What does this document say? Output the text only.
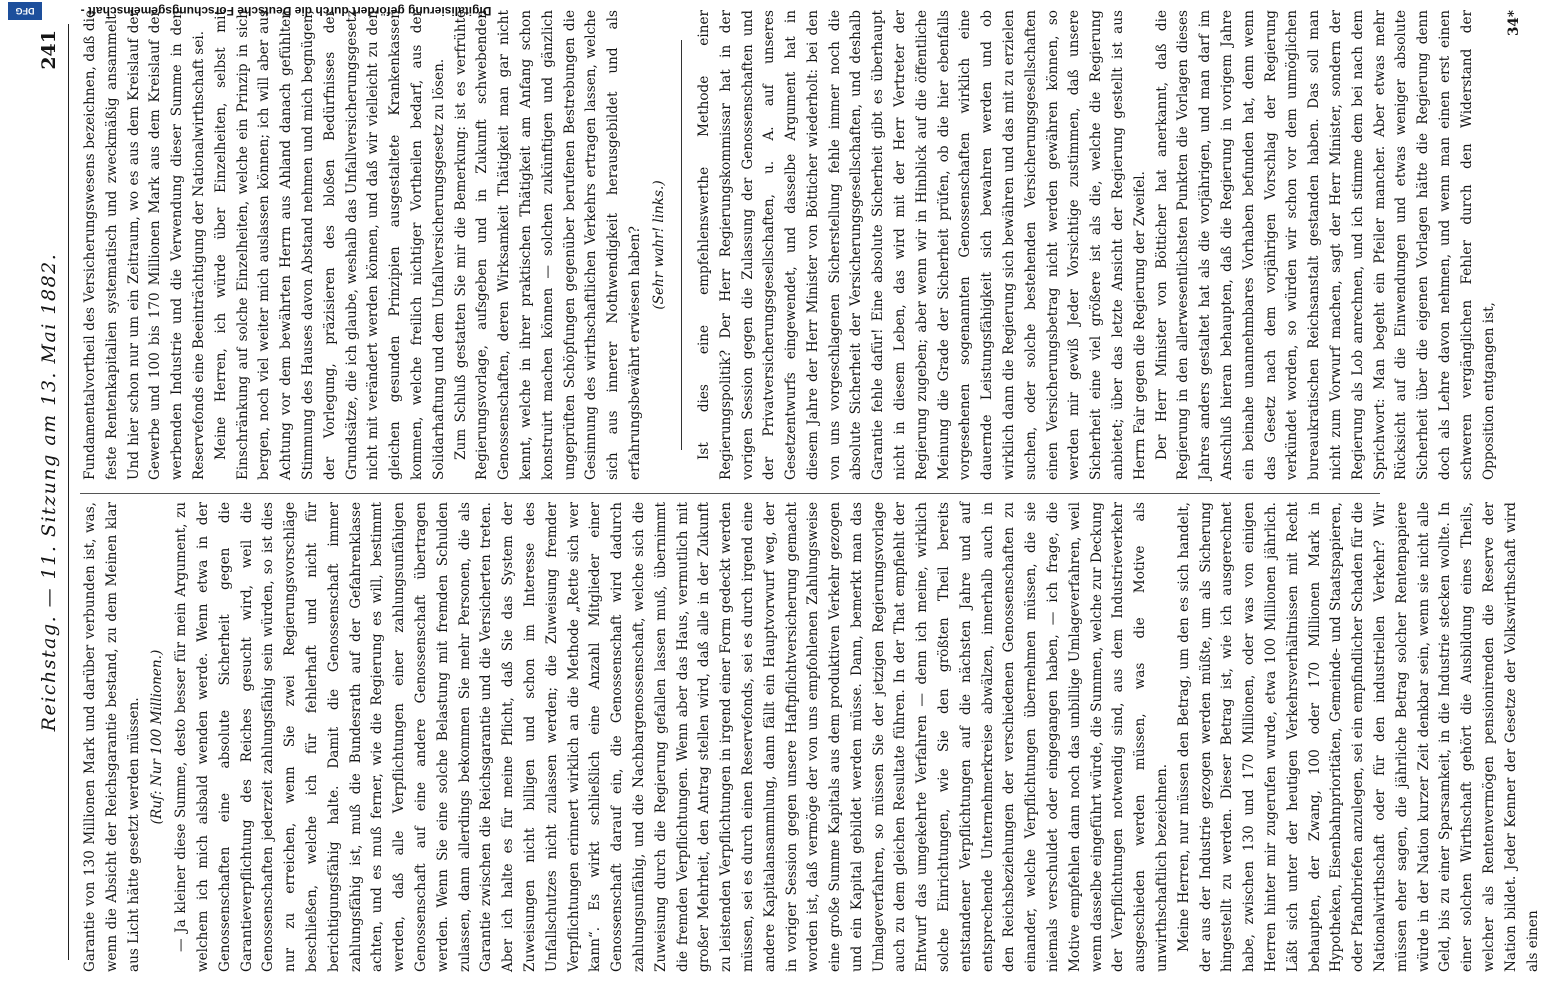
DFG	Digitalisierung gefördert durch die Deutsche Forschungsgemeinschaft -
Reichstag. — 11. Sitzung am 13. Mai 1882.
241

Garantie von 130 Millionen Mark und darüber verbunden ist, was, wenn die Absicht der Reichsgarantie bestand, zu dem Meinen klar aus Licht hätte gesetzt werden müssen. (Ruf: Nur 100 Millionen.) — Ja kleiner diese Summe, desto besser für mein Argument, zu welchem ich mich alsbald wenden werde. Wenn etwa in der Genossenschaften eine absolute Sicherheit gegen die Garantieverpflichtung des Reiches gesucht wird, weil die Genossenschaften jederzeit zahlungsfähig sein würden, so ist dies nur zu erreichen, wenn Sie zwei Regierungsvorschläge beschließen, welche ich für fehlerhaft und nicht für berichtigungsfähig halte. Damit die Genossenschaft immer zahlungsfähig ist, muß die Bundesrath auf der Gefahrenklasse achten, und es muß ferner, wie die Regierung es will, bestimmt werden, daß alle Verpflichtungen einer zahlungsunfähigen Genossenschaft auf eine andere Genossenschaft übertragen werden. Wenn Sie eine solche Belastung mit fremden Schulden zulassen, dann allerdings bekommen Sie mehr Personen, die als Garantie zwischen die Reichsgarantie und die Versicherten treten. Aber ich halte es für meine Pflicht, daß Sie das System der Zuweisungen nicht billigen und schon im Interesse des Unfallschutzes nicht zulassen werden; die Zuweisung fremder Verpflichtungen erinnert wirklich an die Methode „Rette sich wer kann“. Es wirkt schließlich eine Anzahl Mitglieder einer Genossenschaft darauf ein, die Genossenschaft wird dadurch zahlungsunfähig, und die Nachbargenossenschaft, welche sich die Zuweisung durch die Regierung gefallen lassen muß, übernimmt die fremden Verpflichtungen. Wenn aber das Haus, vermutlich mit großer Mehrheit, den Antrag stellen wird, daß alle in der Zukunft zu leistenden Verpflichtungen in irgend einer Form gedeckt werden müssen, sei es durch einen Reservefonds, sei es durch irgend eine andere Kapitalansammlung, dann fällt ein Hauptvorwurf weg, der in voriger Session gegen unsere Haftpflichtversicherung gemacht worden ist, daß vermöge der von uns empfohlenen Zahlungsweise eine große Summe Kapitals aus dem produktiven Verkehr gezogen und ein Kapital gebildet werden müsse. Dann, bemerkt man das Umlageverfahren, so müssen Sie der jetzigen Regierungsvorlage auch zu dem gleichen Resultate führen. In der That empfiehlt der Entwurf das umgekehrte Verfahren — denn ich meine, wirklich solche Einrichtungen, wie Sie den größten Theil bereits entstandener Verpflichtungen auf die nächsten Jahre und auf entsprechende Unternehmerkreise abwälzen, innerhalb auch in den Reichsbeziehungen der verschiedenen Genossenschaften zu einander, welche Verpflichtungen übernehmen müssen, die sie niemals verschuldet oder eingegangen haben, — ich frage, die Motive empfehlen dann noch das unbillige Umlageverfahren, weil wenn dasselbe eingeführt würde, die Summen, welche zur Deckung der Verpflichtungen notwendig sind, aus dem Industrieverkehr ausgeschieden werden müssen, was die Motive als unwirthschaftlich bezeichnen. Meine Herren, nur müssen den Betrag, um den es sich handelt, der aus der Industrie gezogen werden müßte, um als Sicherung hingestellt zu werden. Dieser Betrag ist, wie ich ausgerechnet habe, zwischen 130 und 170 Millionen, oder was von einigen Herren hinter mir zugerufen wurde, etwa 100 Millionen jährlich. Läßt sich unter der heutigen Verkehrsverhältnissen mit Recht behaupten, der Zwang, 100 oder 170 Millionen Mark in Hypotheken, Eisenbahnprioritäten, Gemeinde- und Staatspapieren, oder Pfandbriefen anzulegen, sei ein empfindlicher Schaden für die Nationalwirthschaft oder für den industriellen Verkehr? Wir müssen eher sagen, die jährliche Betrag solcher Rentenpapiere würde in der Nation kurzer Zeit denkbar sein, wenn sie nicht alle Geld, bis zu einer Sparsamkeit, in die Industrie stecken wollte. In einer solchen Wirthschaft gehört die Ausbildung eines Theils, welcher als Rentenvermögen pensionirenden die Reserve der Nation bildet. Jeder Kenner der Gesetze der Volkswirthschaft wird als einen

Fundamentalvortheil des Versicherungswesens bezeichnen, daß die feste Rentenkapitalien systematisch und zweckmäßig ansammelt. Und hier schon nur um ein Zeitraum, wo es aus dem Kreislauf der Gewerbe und 100 bis 170 Millionen Mark aus dem Kreislauf der werbenden Industrie und die Verwendung dieser Summe in den Reservefonds eine Beeinträchtigung der Nationalwirthschaft sei. Meine Herren, ich würde über Einzelheiten, selbst mit Einschränkung auf solche Einzelheiten, welche ein Prinzip in sich bergen, noch viel weiter mich auslassen können; ich will aber aus Achtung vor dem bewährten Herrn aus Ahland danach gefühlten Stimmung des Hauses davon Abstand nehmen und mich begnügen, der Vorlegung, präzisieren des bloßen Bedürfnisses der Grundsätze, die ich glaube, weshalb das Unfallversicherungsgesetz nicht mit verändert werden können, und daß wir vielleicht zu den gleichen gesunden Prinzipien ausgestaltete Krankenkassen kommen, welche freilich nichtiger Vortheilen bedarf, aus der Solidarhaftung und dem Unfallversicherungsgesetz zu lösen. Zum Schluß gestatten Sie mir die Bemerkung: ist es verfrühte Regierungsvorlage, aufsgeben und in Zukunft schwebenden Genossenschaften, deren Wirksamkeit Thätigkeit man gar nicht kennt, welche in ihrer praktischen Thätigkeit am Anfang schon konstruirt machen können — solchen zukünftigen und gänzlich ungeprüften Schöpfungen gegenüber berufenen Bestrebungen die Gesinnung des wirthschaftlichen Verkehrs ertragen lassen, welche sich aus innerer Nothwendigkeit herausgebildet und als erfahrungsbewährt erwiesen haben? (Sehr wahr! links.) Ist dies eine empfehlenswerthe Methode einer Regierungspolitik? Der Herr Regierungskommissar hat in der vorigen Session gegen die Zulassung der Genossenschaften und der Privatversicherungsgesellschaften, u. A. auf unseres Gesetzentwurfs eingewendet, und dasselbe Argument hat in diesem Jahre der Herr Minister von Bötticher wiederholt: bei den von uns vorgeschlagenen Sicherstellung fehle immer noch die absolute Sicherheit der Versicherungsgesellschaften, und deshalb Garantie fehle dafür! Eine absolute Sicherheit gibt es überhaupt nicht in diesem Leben, das wird mit der Herr Vertreter der Regierung zugeben; aber wenn wir in Hinblick auf die öffentliche Meinung die Grade der Sicherheit prüfen, ob die hier ebenfalls vorgesehenen sogenannten Genossenschaften wirklich eine dauernde Leistungsfähigkeit sich bewahren werden und ob wirklich dann die Regierung sich bewähren und das mit zu erzielen suchen, oder solche bestehenden Versicherungsgesellschaften einen Versicherungsbetrag nicht werden gewähren können, so werden mir gewiß Jeder Vorsichtige zustimmen, daß unsere Sicherheit eine viel größere ist als die, welche die Regierung anbietet; über das letzte Ansicht der Regierung gestellt ist aus Herrn Fair gegen die Regierung der Zweifel. Der Herr Minister von Bötticher hat anerkannt, daß die Regierung in den allerwesentlichsten Punkten die Vorlagen dieses Jahres anders gestaltet hat als die vorjährigen, und man darf im Anschluß hieran behaupten, daß die Regierung in vorigem Jahre ein beinahe unannehmbares Vorhaben befunden hat, denn wenn das Gesetz nach dem vorjährigen Vorschlag der Regierung verkündet worden, so würden wir schon vor dem unmöglichen bureaukratischen Reichsanstalt gestanden haben. Das soll man nicht zum Vorwurf machen, sagt der Herr Minister, sondern der Regierung als Lob anrechnen, und ich stimme dem bei nach dem Sprichwort: Man begeht ein Pfeiler mancher. Aber etwas mehr Rücksicht auf die Einwendungen und etwas weniger absolute Sicherheit über die eigenen Vorlagen hätte die Regierung denn doch als Lehre davon nehmen, und wenn man einen erst einen schweren vergänglichen Fehler durch den Widerstand der Opposition entgangen ist,

34*
